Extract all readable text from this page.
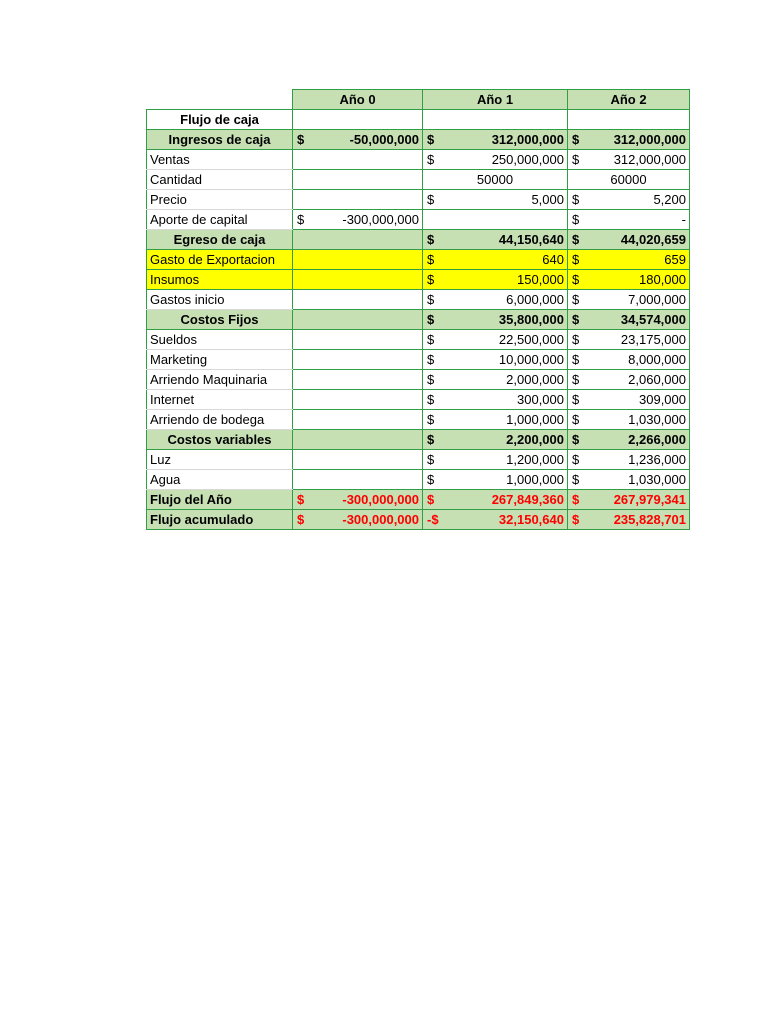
	Año 0	Año 1	Año 2
Flujo de caja			
Ingresos de caja	$ -50,000,000	$ 312,000,000	$ 312,000,000

Ventas		$ 250,000,000	$ 312,000,000

Cantidad		50000	60000
Precio		$ 5,000	$ 5,200

Aporte de capital	$ -300,000,000		$ -

Egreso de caja		$ 44,150,640	$ 44,020,659

Gasto de Exportacion		$ 640	$ 659

Insumos		$ 150,000	$ 180,000

Gastos inicio		$ 6,000,000	$ 7,000,000

Costos Fijos		$ 35,800,000	$ 34,574,000

Sueldos		$ 22,500,000	$ 23,175,000

Marketing		$ 10,000,000	$ 8,000,000

Arriendo Maquinaria		$ 2,000,000	$ 2,060,000

Internet		$ 300,000	$ 309,000

Arriendo de bodega		$ 1,000,000	$ 1,030,000

Costos variables		$ 2,200,000	$ 2,266,000

Luz		$ 1,200,000	$ 1,236,000

Agua		$ 1,000,000	$ 1,030,000

Flujo del Año	$ -300,000,000	$ 267,849,360	$ 267,979,341

Flujo acumulado	$ -300,000,000	-$ 32,150,640	$ 235,828,701
